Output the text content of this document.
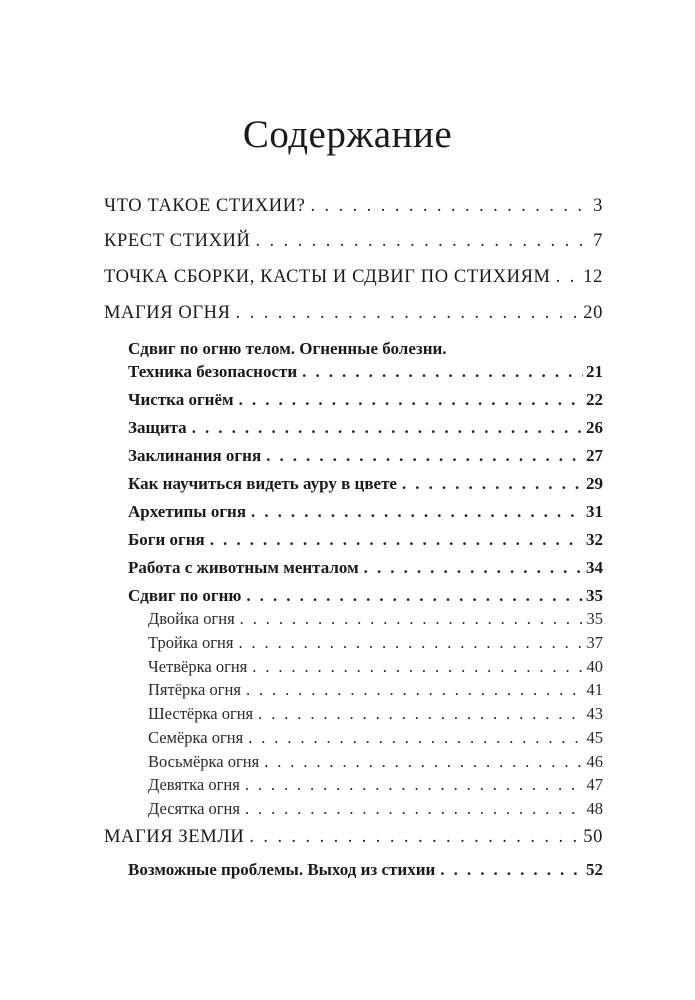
Содержание
ЧТО ТАКОЕ СТИХИИ? . . .	3
КРЕСТ СТИХИЙ . . .	7
ТОЧКА СБОРКИ, КАСТЫ И СДВИГ ПО СТИХИЯМ . . . 12
МАГИЯ ОГНЯ . . .	20
Сдвиг по огню телом. Огненные болезни.
Техника безопасности . . .	21
Чистка огнём . . .	22
Защита . . .	26
Заклинания огня . . .	27
Как научиться видеть ауру в цвете . . .	29
Архетипы огня . . .	31
Боги огня . . .	32
Работа с животным менталом . . .	34
Сдвиг по огню . . .	35
Двойка огня . . .	35
Тройка огня . . .	37
Четвёрка огня . . .	40
Пятёрка огня . . .	41
Шестёрка огня . . .	43
Семёрка огня . . .	45
Восьмёрка огня . . .	46
Девятка огня . . .	47
Десятка огня . . .	48
МАГИЯ ЗЕМЛИ . . .	50
Возможные проблемы. Выход из стихии . . .	52
